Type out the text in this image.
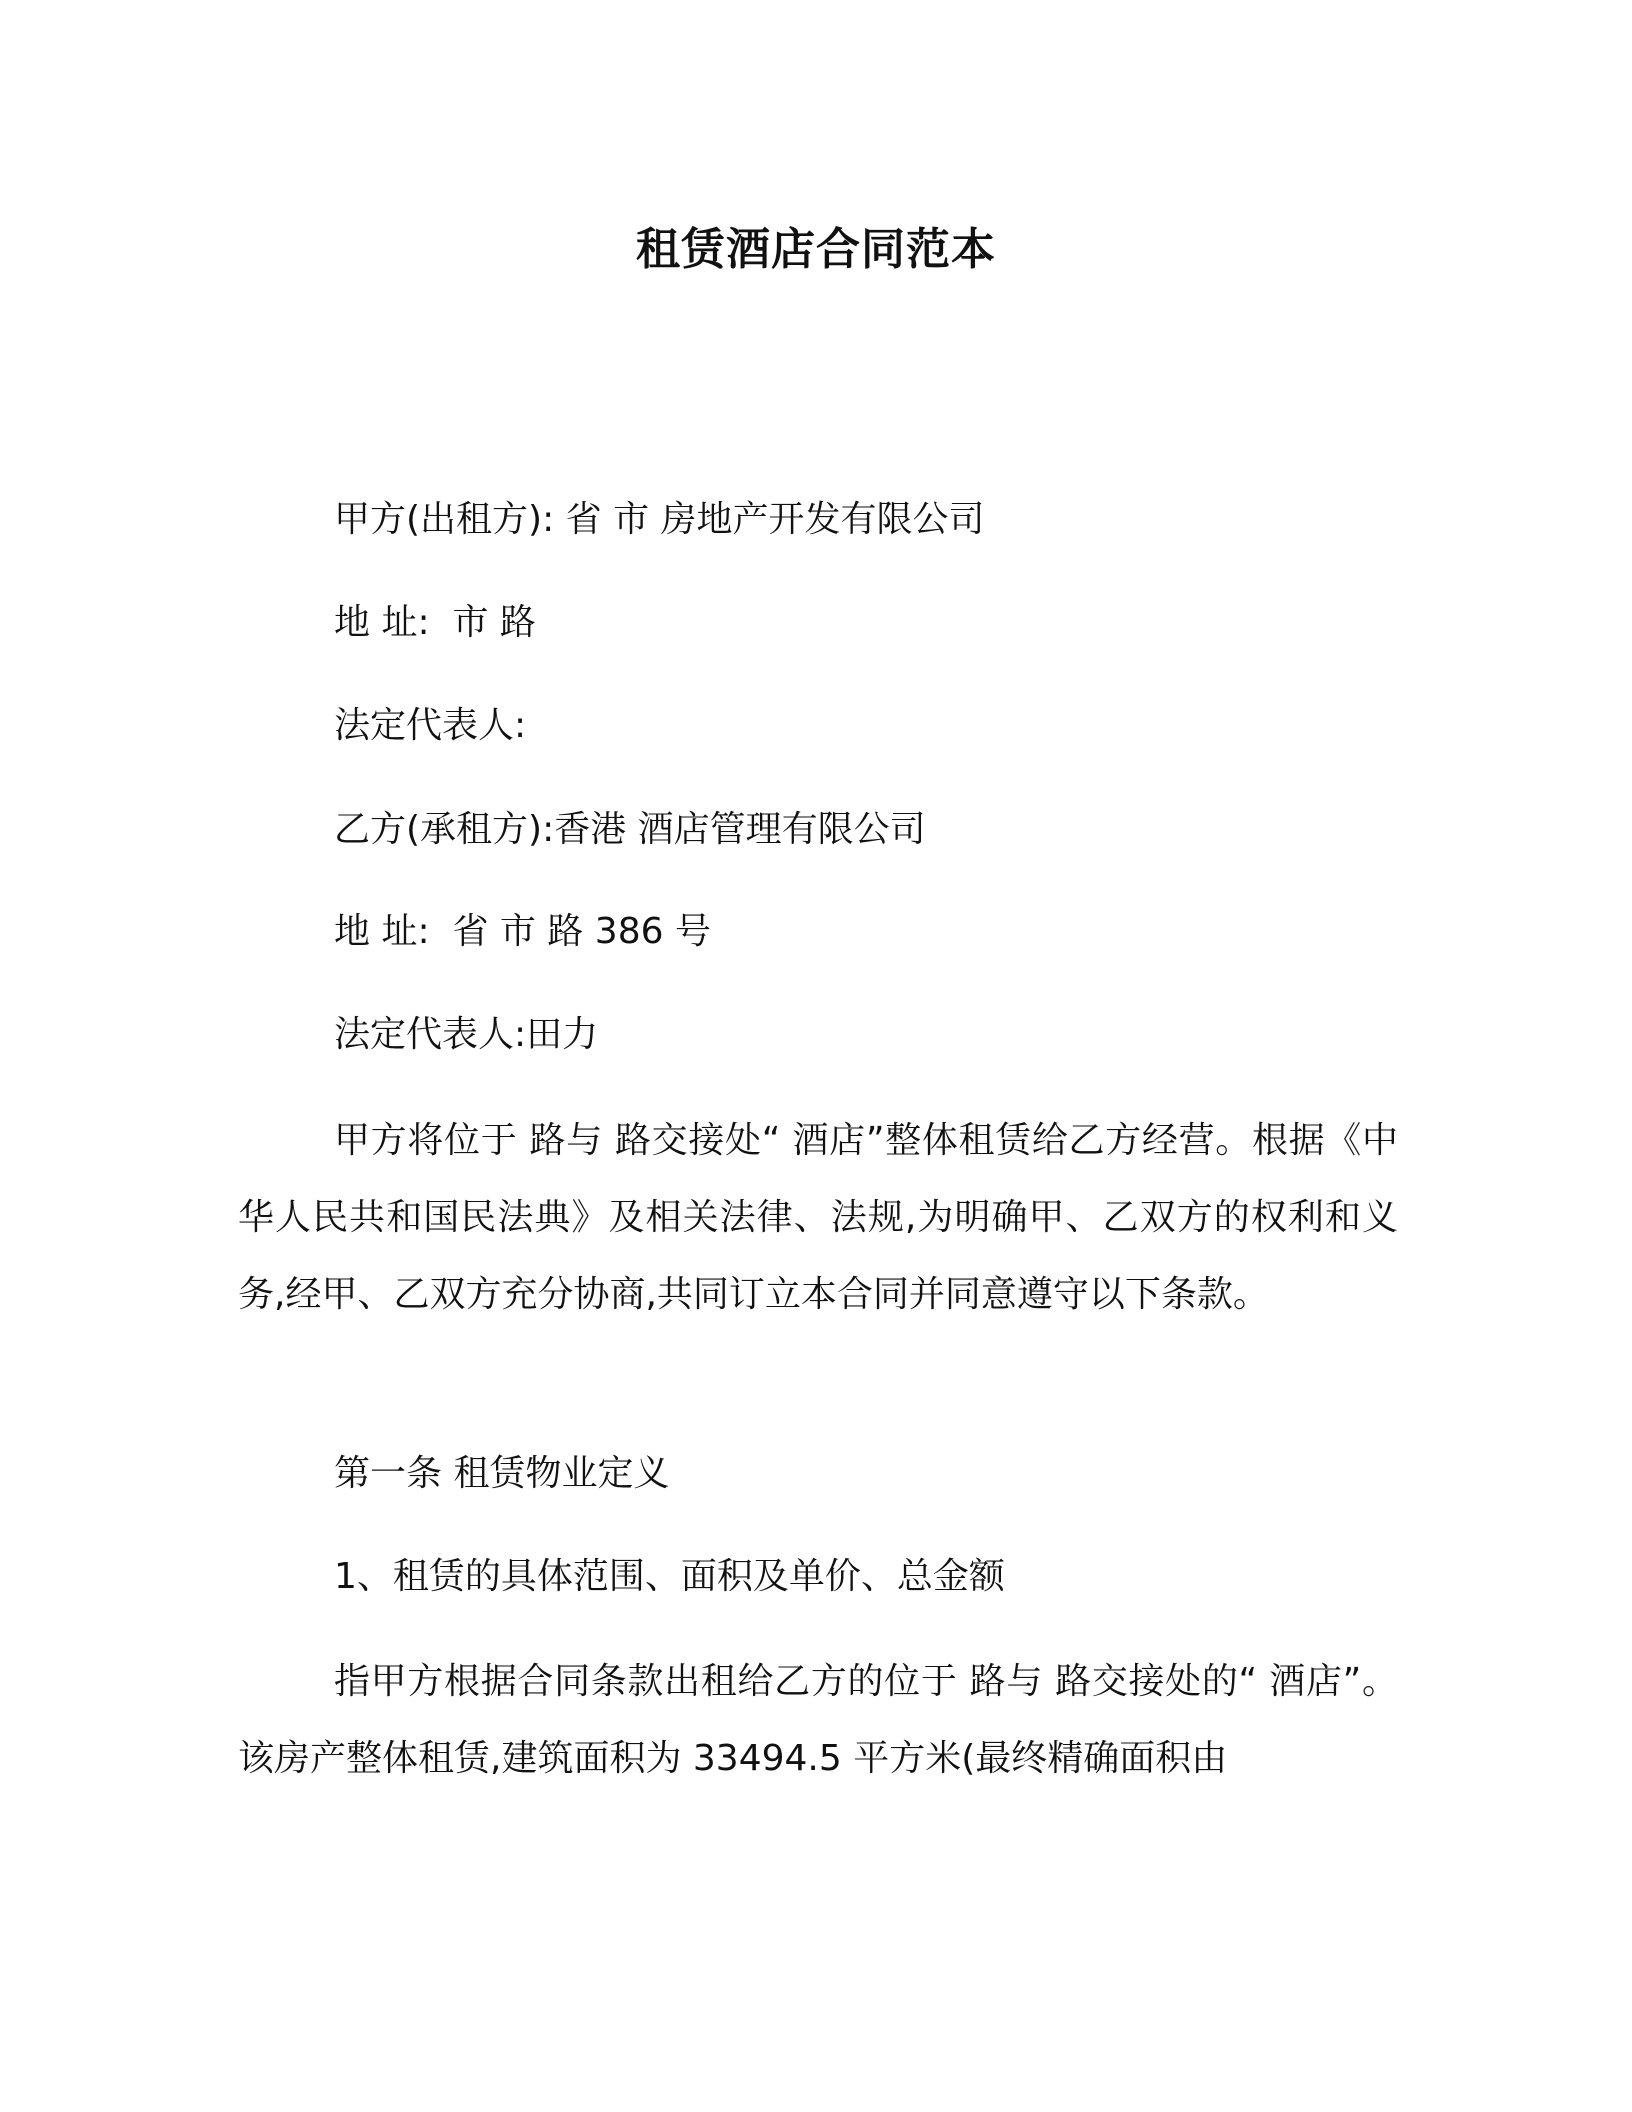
租赁酒店合同范本
甲方(出租方): 省 市 房地产开发有限公司
地 址:  市 路
法定代表人:
乙方(承租方):香港 酒店管理有限公司
地 址:  省 市 路 386 号
法定代表人:田力
甲方将位于 路与 路交接处“ 酒店”整体租赁给乙方经营。根据《中华人民共和国民法典》及相关法律、法规,为明确甲、乙双方的权利和义务,经甲、乙双方充分协商,共同订立本合同并同意遵守以下条款。
第一条 租赁物业定义
1、租赁的具体范围、面积及单价、总金额
指甲方根据合同条款出租给乙方的位于 路与 路交接处的“ 酒店”。该房产整体租赁,建筑面积为 33494.5 平方米(最终精确面积由
